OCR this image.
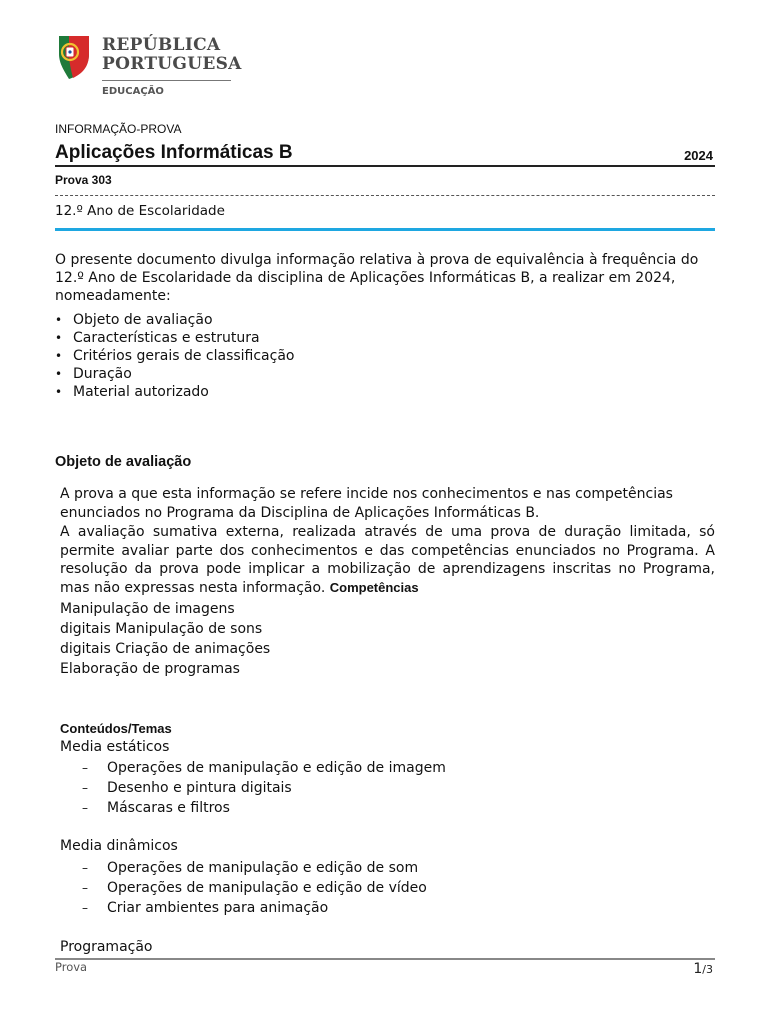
REPÚBLICA
PORTUGUESA
EDUCAÇÃO
INFORMAÇÃO-PROVA
Aplicações Informáticas B	2024
Prova 303
12.º Ano de Escolaridade
O presente documento divulga informação relativa à prova de equivalência à frequência do 12.º Ano de Escolaridade da disciplina de Aplicações Informáticas B, a realizar em 2024, nomeadamente:
• Objeto de avaliação
• Características e estrutura
• Critérios gerais de classificação
• Duração
• Material autorizado
Objeto de avaliação
A prova a que esta informação se refere incide nos conhecimentos e nas competências enunciados no Programa da Disciplina de Aplicações Informáticas B.
A avaliação sumativa externa, realizada através de uma prova de duração limitada, só permite avaliar parte dos conhecimentos e das competências enunciados no Programa. A resolução da prova pode implicar a mobilização de aprendizagens inscritas no Programa, mas não expressas nesta informação. Competências
Manipulação de imagens digitais Manipulação de sons digitais Criação de animações Elaboração de programas
Conteúdos/Temas
Media estáticos
– Operações de manipulação e edição de imagem
– Desenho e pintura digitais
– Máscaras e filtros
Media dinâmicos
– Operações de manipulação e edição de som
– Operações de manipulação e edição de vídeo
– Criar ambientes para animação
Programação
Prova	1/3
